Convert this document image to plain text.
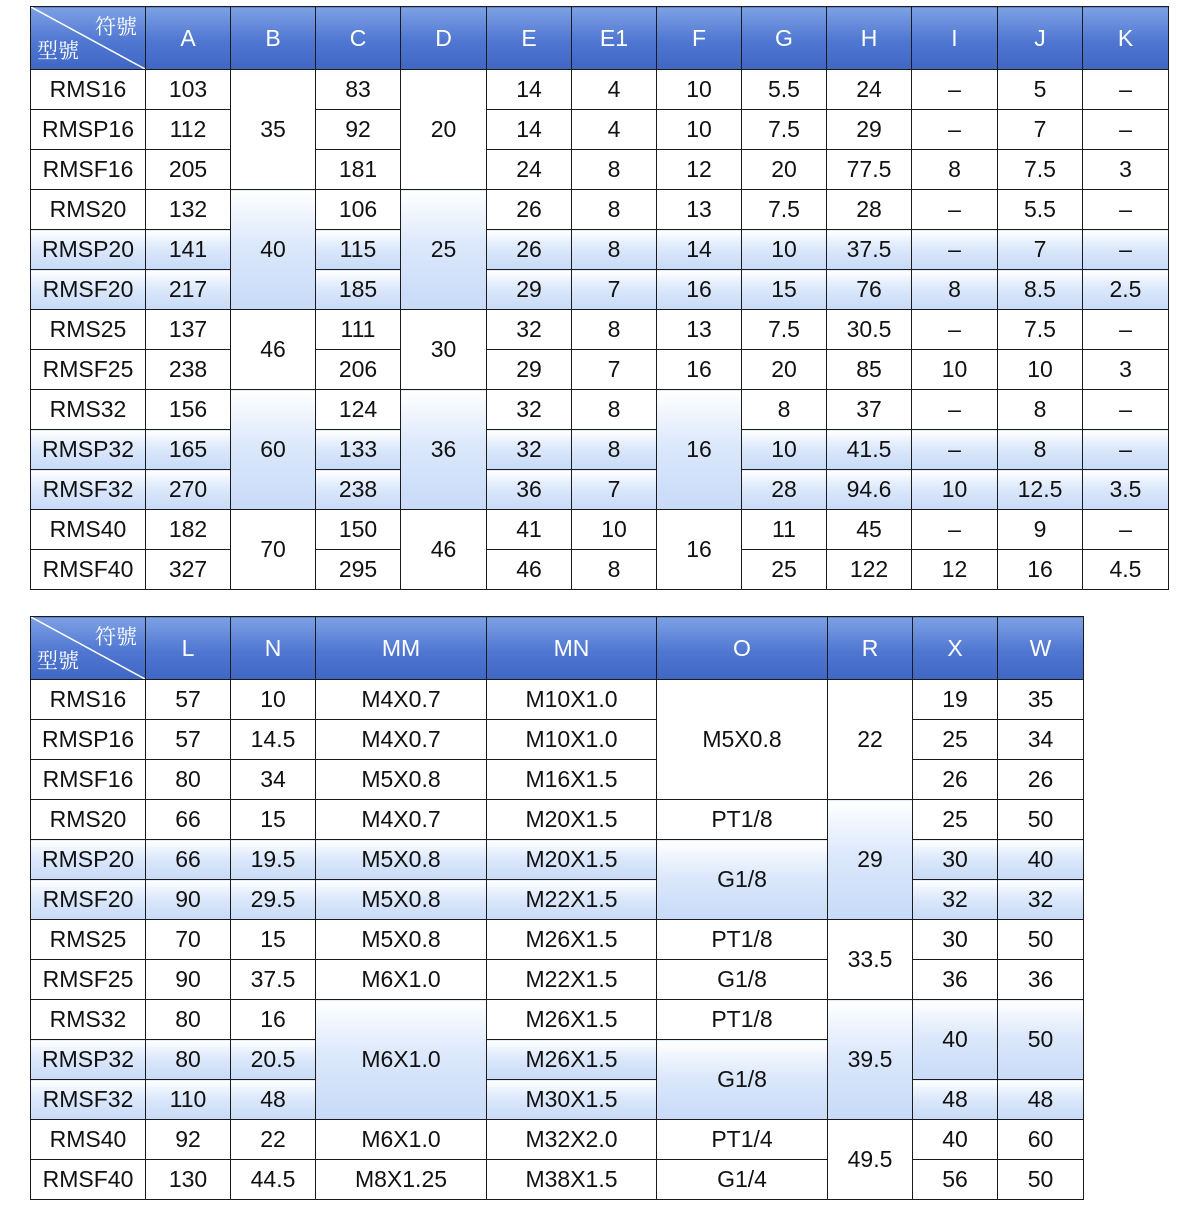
符號
型號	A	B	C	D	E	E1	F	G	H	I	J	K
RMS16	103	35	83	20	14	4	10	5.5	24	–	5	–
RMSP16	112		92		14	4	10	7.5	29	–	7	–
RMSF16	205		181		24	8	12	20	77.5	8	7.5	3
RMS20	132	40	106	25	26	8	13	7.5	28	–	5.5	–
RMSP20	141		115		26	8	14	10	37.5	–	7	–
RMSF20	217		185		29	7	16	15	76	8	8.5	2.5
RMS25	137	46	111	30	32	8	13	7.5	30.5	–	7.5	–
RMSF25	238		206		29	7	16	20	85	10	10	3
RMS32	156	60	124	36	32	8	16	8	37	–	8	–
RMSP32	165		133		32	8		10	41.5	–	8	–
RMSF32	270		238		36	7		28	94.6	10	12.5	3.5
RMS40	182	70	150	46	41	10	16	11	45	–	9	–
RMSF40	327		295		46	8		25	122	12	16	4.5
符號
型號	L	N	MM	MN	O	R	X	W
RMS16	57	10	M4X0.7	M10X1.0	M5X0.8	22	19	35
RMSP16	57	14.5	M4X0.7	M10X1.0			25	34
RMSF16	80	34	M5X0.8	M16X1.5			26	26
RMS20	66	15	M4X0.7	M20X1.5	PT1/8	29	25	50
RMSP20	66	19.5	M5X0.8	M20X1.5	G1/8		30	40
RMSF20	90	29.5	M5X0.8	M22X1.5			32	32
RMS25	70	15	M5X0.8	M26X1.5	PT1/8	33.5	30	50
RMSF25	90	37.5	M6X1.0	M22X1.5	G1/8		36	36
RMS32	80	16	M6X1.0	M26X1.5	PT1/8	39.5	40	50
RMSP32	80	20.5		M26X1.5	G1/8			
RMSF32	110	48		M30X1.5			48	48
RMS40	92	22	M6X1.0	M32X2.0	PT1/4	49.5	40	60
RMSF40	130	44.5	M8X1.25	M38X1.5	G1/4		56	50
